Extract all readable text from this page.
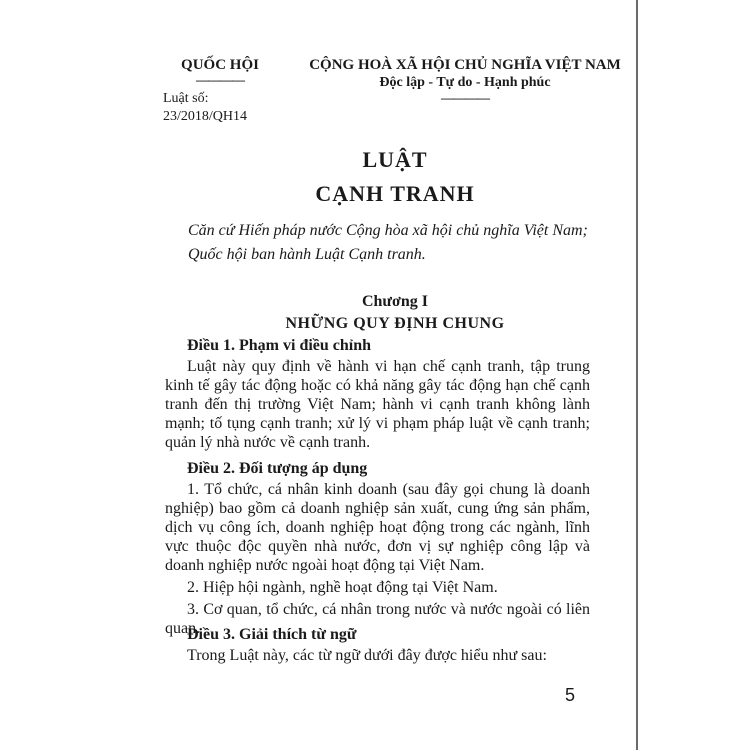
QUỐC HỘI
————
Luật số: 23/2018/QH14
CỘNG HOÀ XÃ HỘI CHỦ NGHĨA VIỆT NAM
Độc lập - Tự do - Hạnh phúc
————
LUẬT
CẠNH TRANH
Căn cứ Hiến pháp nước Cộng hòa xã hội chủ nghĩa Việt Nam;
Quốc hội ban hành Luật Cạnh tranh.
Chương I
NHỮNG QUY ĐỊNH CHUNG
Điều 1. Phạm vi điều chỉnh

Luật này quy định về hành vi hạn chế cạnh tranh, tập trung kinh tế gây tác động hoặc có khả năng gây tác động hạn chế cạnh tranh đến thị trường Việt Nam; hành vi cạnh tranh không lành mạnh; tố tụng cạnh tranh; xử lý vi phạm pháp luật về cạnh tranh; quản lý nhà nước về cạnh tranh.

Điều 2. Đối tượng áp dụng

1. Tổ chức, cá nhân kinh doanh (sau đây gọi chung là doanh nghiệp) bao gồm cả doanh nghiệp sản xuất, cung ứng sản phẩm, dịch vụ công ích, doanh nghiệp hoạt động trong các ngành, lĩnh vực thuộc độc quyền nhà nước, đơn vị sự nghiệp công lập và doanh nghiệp nước ngoài hoạt động tại Việt Nam.

2. Hiệp hội ngành, nghề hoạt động tại Việt Nam.

3. Cơ quan, tổ chức, cá nhân trong nước và nước ngoài có liên quan.

Điều 3. Giải thích từ ngữ

Trong Luật này, các từ ngữ dưới đây được hiểu như sau:

5
